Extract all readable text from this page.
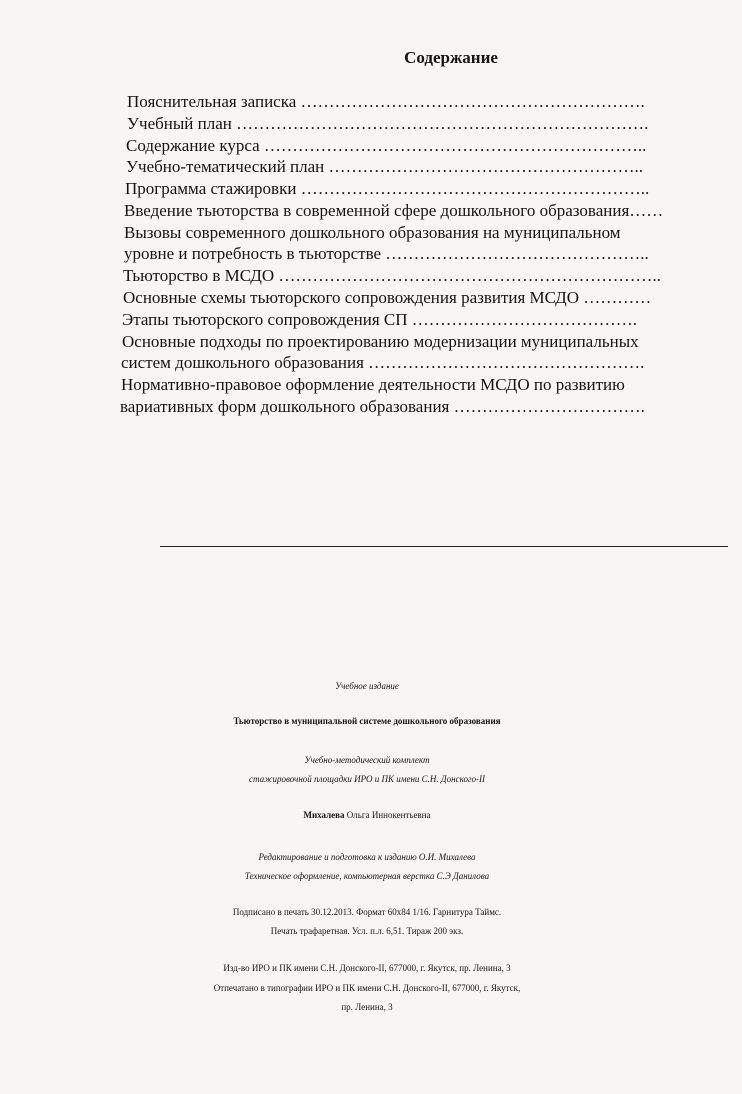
Содержание
Пояснительная записка …………………………………………………….
Учебный план ……………………………………………………………….
Содержание курса …………………………………………………………..
Учебно-тематический план ………………………………………………..
Программа стажировки ……………………………………………………..
Введение тьюторства в современной сфере дошкольного образования……
Вызовы современного дошкольного образования на муниципальном
уровне и потребность в тьюторстве ………………………………………..
Тьюторство в МСДО …………………………………………………………..
Основные схемы тьюторского сопровождения развития МСДО …………
Этапы тьюторского сопровождения СП ………………………………….
Основные подходы по проектированию модернизации муниципальных
систем дошкольного образования ………………………………………….
Нормативно-правовое оформление деятельности МСДО по развитию
вариативных форм дошкольного образования …………………………….
Учебное издание
Тьюторство в муниципальной системе дошкольного образования
Учебно-методический комплект
стажировочной площадки ИРО и ПК имени С.Н. Донского-II
Михалева Ольга Иннокентьевна
Редактирование и подготовка к изданию О.И. Михалева
Техническое оформление, компьютерная верстка С.Э Данилова
Подписано в печать 30.12.2013. Формат 60x84 1/16. Гарнитура Таймс.
Печать трафаретная. Усл. п.л. 6,51. Тираж 200 экз.
Изд-во ИРО и ПК имени С.Н. Донского-II, 677000, г. Якутск, пр. Ленина, 3
Отпечатано в типографии ИРО и ПК имени С.Н. Донского-II, 677000, г. Якутск,
пр. Ленина, 3
